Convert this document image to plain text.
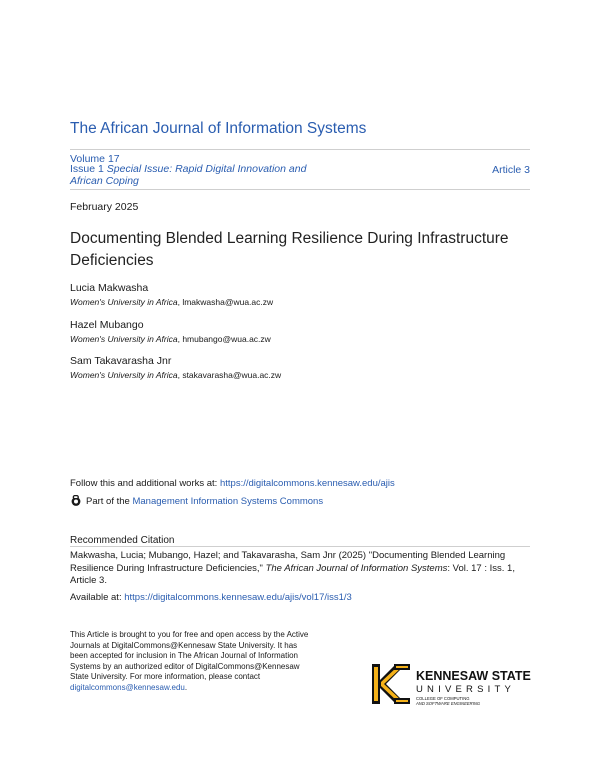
The African Journal of Information Systems
Volume 17
Issue 1 Special Issue: Rapid Digital Innovation and African Coping
Article 3
February 2025
Documenting Blended Learning Resilience During Infrastructure Deficiencies
Lucia Makwasha
Women's University in Africa, lmakwasha@wua.ac.zw
Hazel Mubango
Women's University in Africa, hmubango@wua.ac.zw
Sam Takavarasha Jnr
Women's University in Africa, stakavarasha@wua.ac.zw
Follow this and additional works at: https://digitalcommons.kennesaw.edu/ajis
Part of the
Management Information Systems Commons
Recommended Citation
Makwasha, Lucia; Mubango, Hazel; and Takavarasha, Sam Jnr (2025) "Documenting Blended Learning Resilience During Infrastructure Deficiencies," The African Journal of Information Systems: Vol. 17 : Iss. 1, Article 3.
Available at: https://digitalcommons.kennesaw.edu/ajis/vol17/iss1/3
This Article is brought to you for free and open access by the Active Journals at DigitalCommons@Kennesaw State University. It has been accepted for inclusion in The African Journal of Information Systems by an authorized editor of DigitalCommons@Kennesaw State University. For more information, please contact digitalcommons@kennesaw.edu.
KENNESAW STATE
UNIVERSITY
COLLEGE OF COMPUTING
AND SOFTWARE ENGINEERING
